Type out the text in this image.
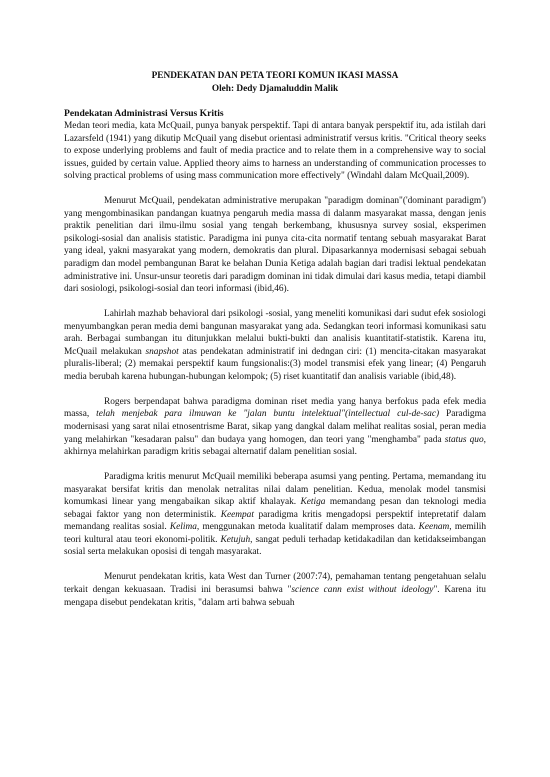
PENDEKATAN DAN PETA TEORI KOMUN IKASI MASSA
Oleh: Dedy Djamaluddin Malik
Pendekatan Administrasi Versus Kritis

Medan teori media, kata McQuail, punya banyak perspektif. Tapi di antara banyak perspektif itu, ada istilah dari Lazarsfeld (1941) yang dikutip McQuail yang disebut orientasi administratif versus kritis. "Critical theory seeks to expose underlying problems and fault of media practice and to relate them in a comprehensive way to social issues, guided by certain value. Applied theory aims to harness an understanding of communication processes to solving practical problems of using mass communication more effectively" (Windahl dalam McQuail,2009).

Menurut McQuail, pendekatan administrative merupakan "paradigm dominan"('dominant paradigm') yang mengombinasikan pandangan kuatnya pengaruh media massa di dalanm masyarakat massa, dengan jenis praktik penelitian dari ilmu-ilmu sosial yang tengah berkembang, khususnya survey sosial, eksperimen psikologi-sosial dan analisis statistic. Paradigma ini punya cita-cita normatif tentang sebuah masyarakat Barat yang ideal, yakni masyarakat yang modern, demokratis dan plural. Dipasarkannya modernisasi sebagai sebuah paradigm dan model pembangunan Barat ke belahan Dunia Ketiga adalah bagian dari tradisi lektual pendekatan administrative ini. Unsur-unsur teoretis dari paradigm dominan ini tidak dimulai dari kasus media, tetapi diambil dari sosiologi, psikologi-sosial dan teori informasi (ibid,46).

Lahirlah mazhab behavioral dari psikologi -sosial, yang meneliti komunikasi dari sudut efek sosiologi menyumbangkan peran media demi bangunan masyarakat yang ada. Sedangkan teori informasi komunikasi satu arah. Berbagai sumbangan itu ditunjukkan melalui bukti-bukti dan analisis kuantitatif-statistik. Karena itu, McQuail melakukan snapshot atas pendekatan administratif ini dedngan ciri: (1) mencita-citakan masyarakat pluralis-liberal; (2) memakai perspektif kaum fungsionalis:(3) model transmisi efek yang linear; (4) Pengaruh media berubah karena hubungan-hubungan kelompok; (5) riset kuantitatif dan analisis variable (ibid,48).

Rogers berpendapat bahwa paradigma dominan riset media yang hanya berfokus pada efek media massa, telah menjebak para ilmuwan ke "jalan buntu intelektual"(intellectual cul-de-sac) Paradigma modernisasi yang sarat nilai etnosentrisme Barat, sikap yang dangkal dalam melihat realitas sosial, peran media yang melahirkan "kesadaran palsu" dan budaya yang homogen, dan teori yang "menghamba" pada status quo, akhirnya melahirkan paradigm kritis sebagai alternatif dalam penelitian sosial.

Paradigma kritis menurut McQuail memiliki beberapa asumsi yang penting. Pertama, memandang itu masyarakat bersifat kritis dan menolak netralitas nilai dalam penelitian. Kedua, menolak model tansmisi komumkasi linear yang mengabaikan sikap aktif khalayak. Ketiga memandang pesan dan teknologi media sebagai faktor yang non deterministik. Keempat paradigma kritis mengadopsi perspektif intepretatif dalam memandang realitas sosial. Kelima, menggunakan metoda kualitatif dalam memproses data. Keenam, memilih teori kultural atau teori ekonomi-politik. Ketujuh, sangat peduli terhadap ketidakadilan dan ketidakseimbangan sosial serta melakukan oposisi di tengah masyarakat.

Menurut pendekatan kritis, kata West dan Turner (2007:74), pemahaman tentang pengetahuan selalu terkait dengan kekuasaan. Tradisi ini berasumsi bahwa "science cann exist without ideology". Karena itu mengapa disebut pendekatan kritis, "dalam arti bahwa sebuah
